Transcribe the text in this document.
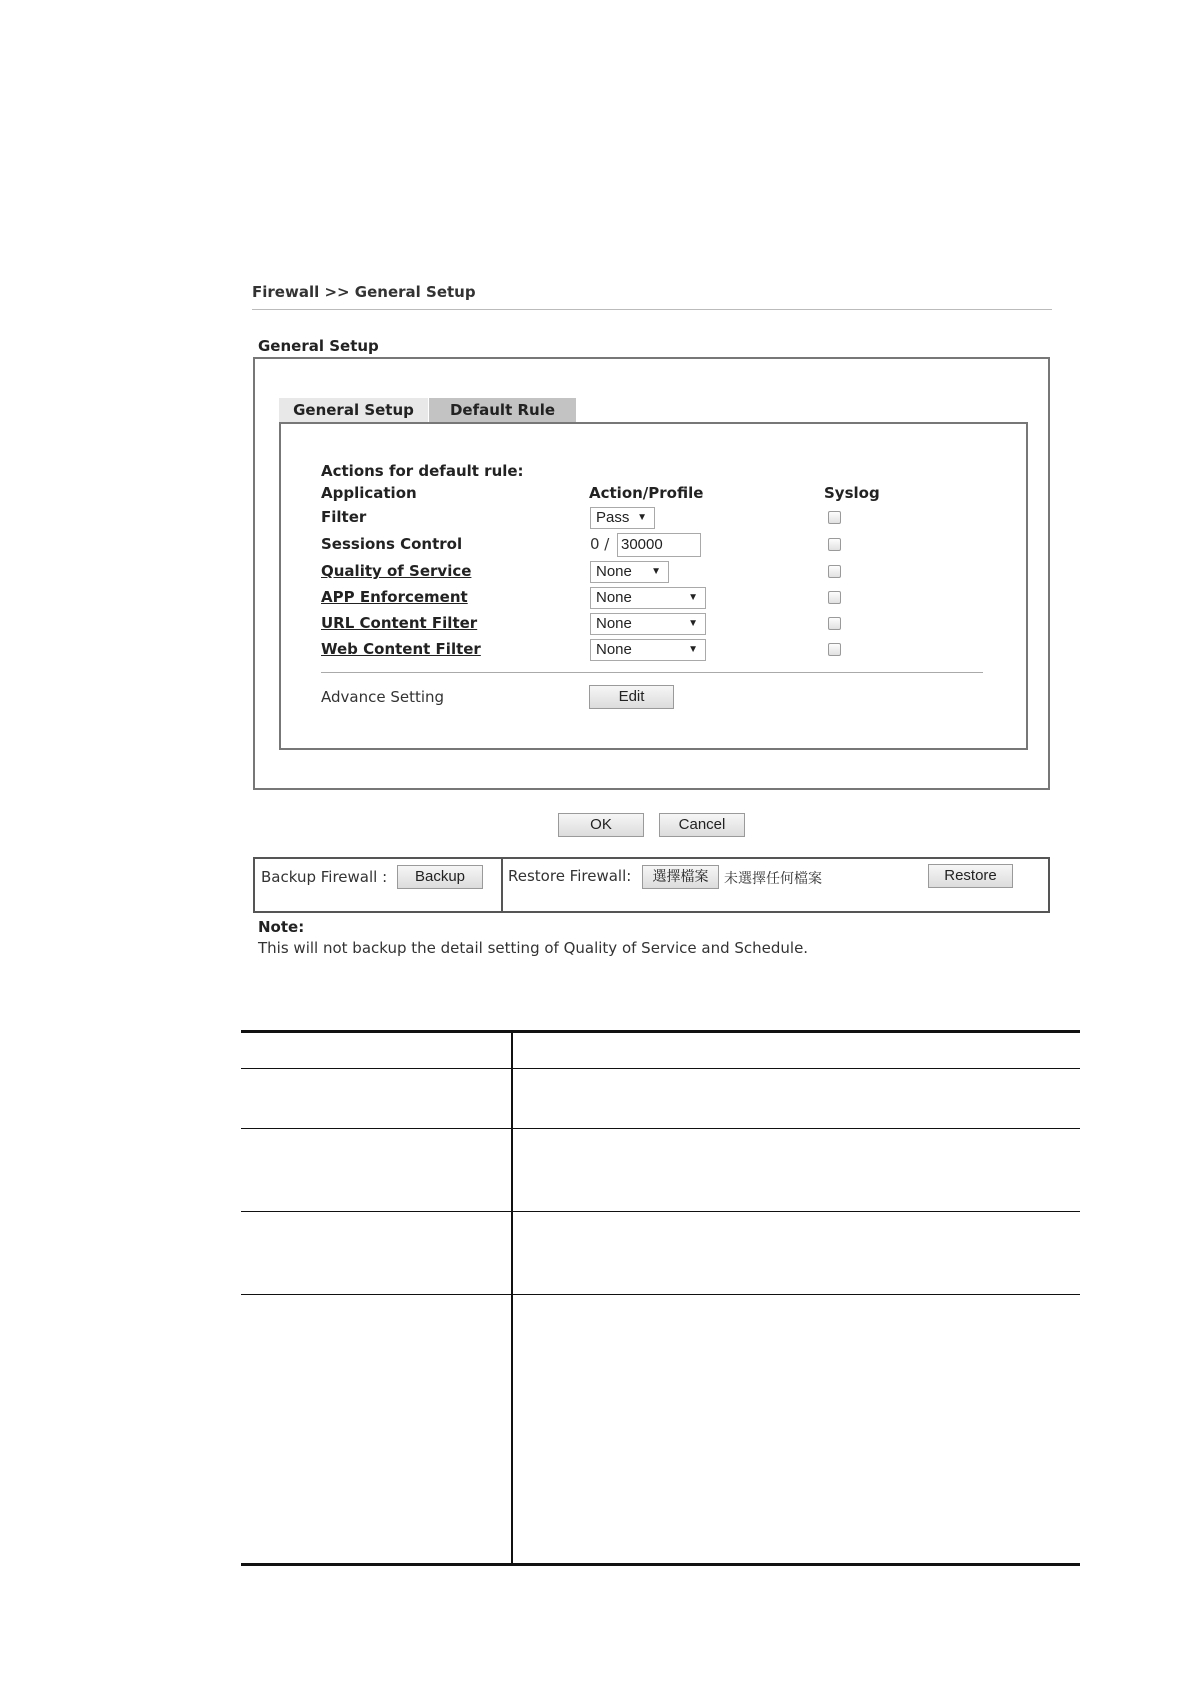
Firewall >> General Setup
General Setup
General Setup	Default Rule
Actions for default rule:
Application	Action/Profile	Syslog
Filter	Pass ▼
Sessions Control	0 / 30000
Quality of Service	None ▼
APP Enforcement	None	▼
URL Content Filter	None	▼
Web Content Filter	None	▼
Advance Setting	Edit
OK	Cancel
Backup Firewall :	Backup	Restore Firewall:	選擇檔案	未選擇任何檔案	Restore
Note:
This will not backup the detail setting of Quality of Service and Schedule.
